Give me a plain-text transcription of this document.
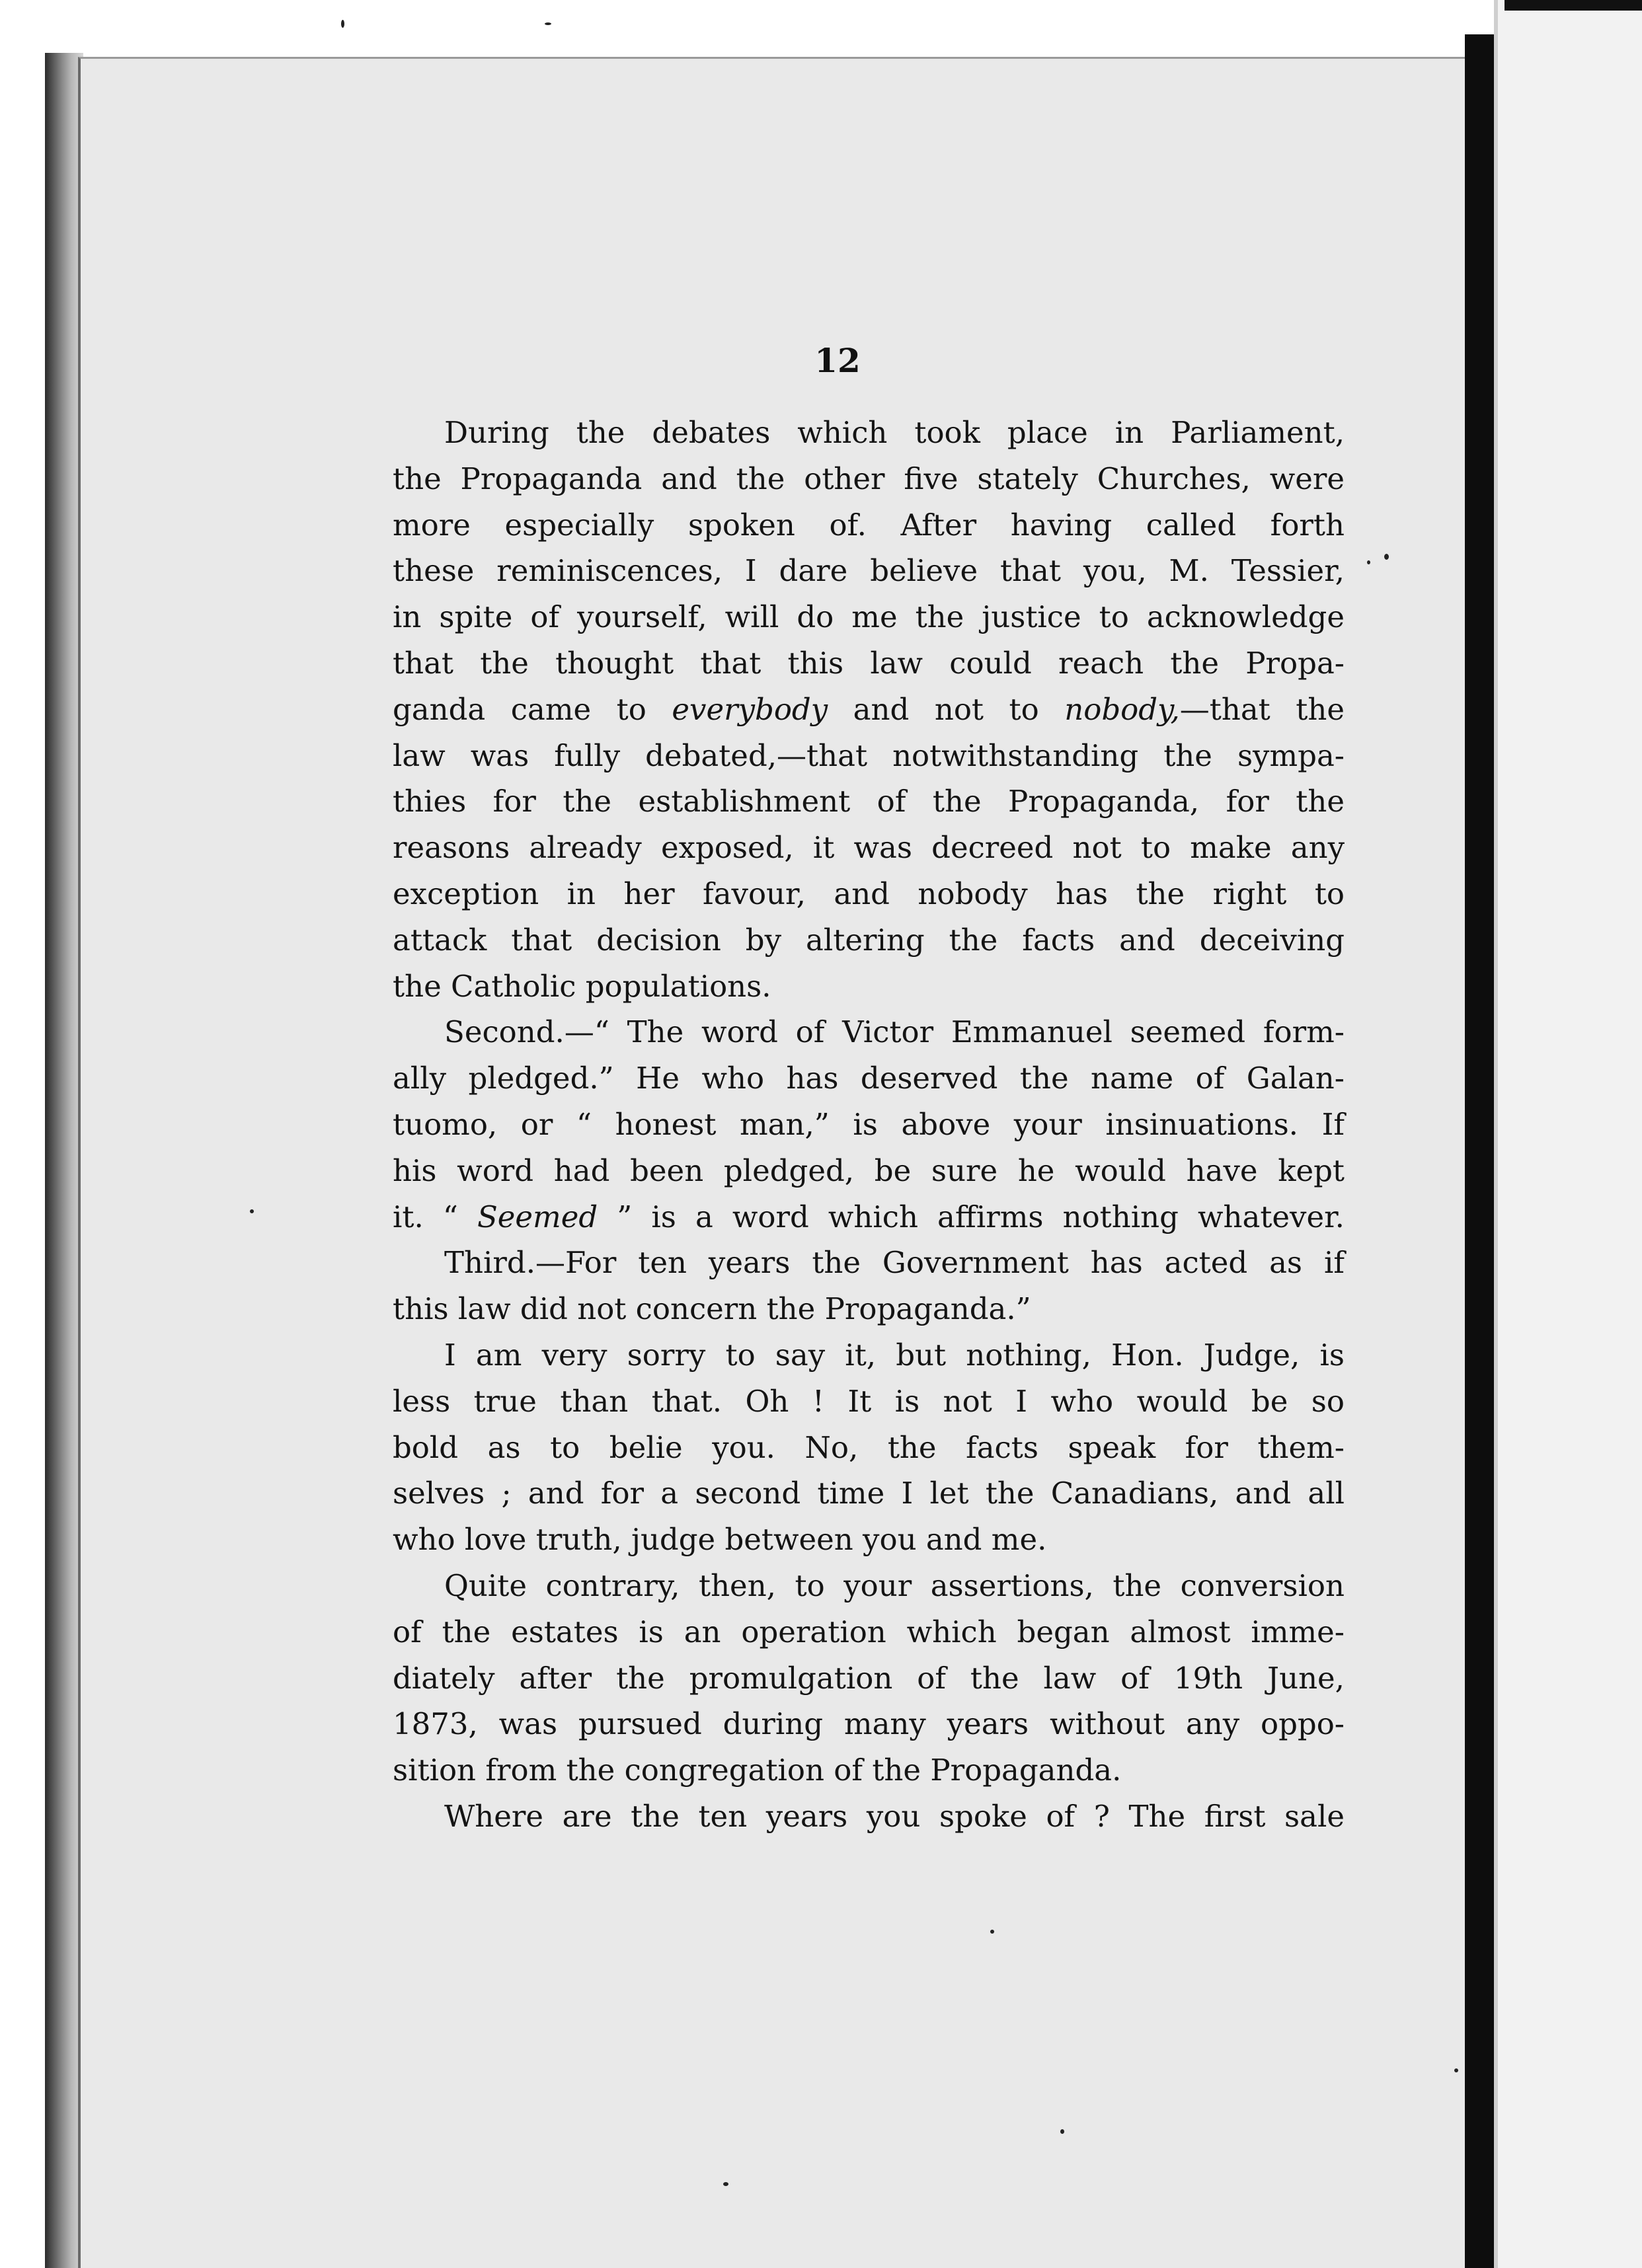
12

During the debates which took place in Parliament,
the Propaganda and the other five stately Churches, were
more especially spoken of. After having called forth
these reminiscences, I dare believe that you, M. Tessier,
in spite of yourself, will do me the justice to acknowledge
that the thought that this law could reach the Propa-
ganda came to everybody and not to nobody,—that the
law was fully debated,—that notwithstanding the sympa-
thies for the establishment of the Propaganda, for the
reasons already exposed, it was decreed not to make any
exception in her favour, and nobody has the right to
attack that decision by altering the facts and deceiving
the Catholic populations.
Second.—“ The word of Victor Emmanuel seemed form-
ally pledged.” He who has deserved the name of Galan-
tuomo, or “ honest man,” is above your insinuations. If
his word had been pledged, be sure he would have kept
it. “ Seemed ” is a word which affirms nothing whatever.
Third.—For ten years the Government has acted as if
this law did not concern the Propaganda.”
I am very sorry to say it, but nothing, Hon. Judge, is
less true than that. Oh ! It is not I who would be so
bold as to belie you. No, the facts speak for them-
selves ; and for a second time I let the Canadians, and all
who love truth, judge between you and me.
Quite contrary, then, to your assertions, the conversion
of the estates is an operation which began almost imme-
diately after the promulgation of the law of 19th June,
1873, was pursued during many years without any oppo-
sition from the congregation of the Propaganda.
Where are the ten years you spoke of ? The first sale
